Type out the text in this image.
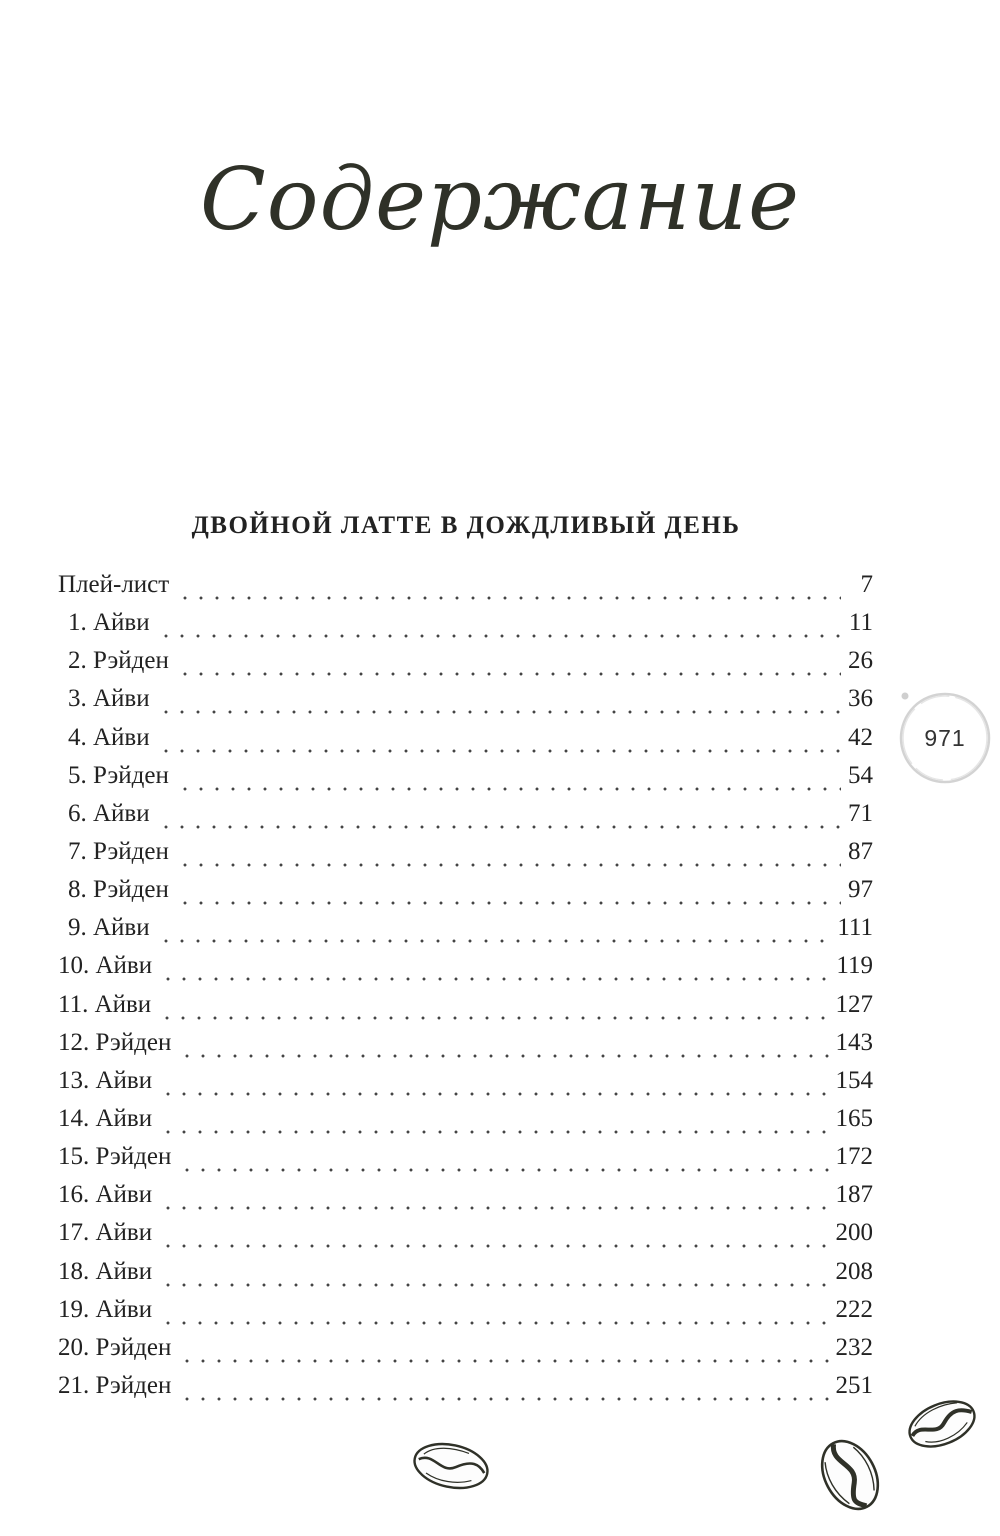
Содержание
ДВОЙНОЙ ЛАТТЕ В ДОЖДЛИВЫЙ ДЕНЬ
Плей-лист	7
1. Айви	11
2. Рэйден	26
3. Айви	36
4. Айви	42
5. Рэйден	54
6. Айви	71
7. Рэйден	87
8. Рэйден	97
9. Айви	111
10. Айви	119
11. Айви	127
12. Рэйден	143
13. Айви	154
14. Айви	165
15. Рэйден	172
16. Айви	187
17. Айви	200
18. Айви	208
19. Айви	222
20. Рэйден	232
21. Рэйден	251
971
